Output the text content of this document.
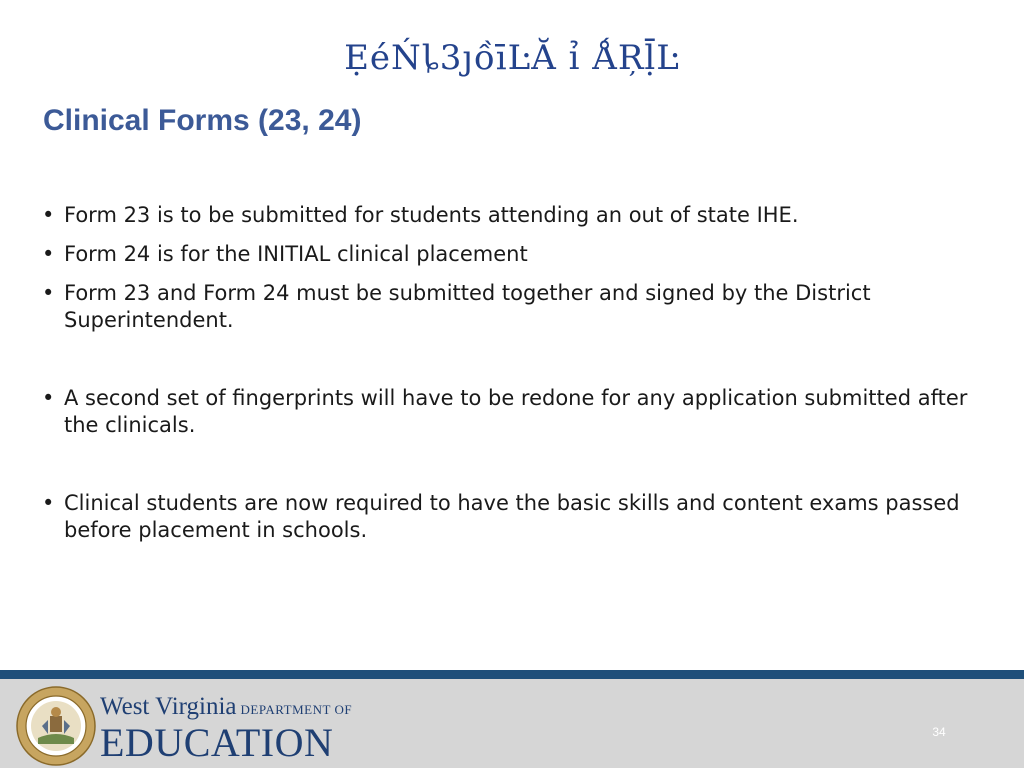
ẸéŃȴ3ȷồīĿĂ ỉ ǺŖḹĿ
Clinical Forms (23, 24)
• Form 23 is to be submitted for students attending an out of state IHE.
• Form 24 is for the INITIAL clinical placement
• Form 23 and Form 24 must be submitted together and signed by the District Superintendent.
• A second set of fingerprints will have to be redone for any application submitted after the clinicals.
• Clinical students are now required to have the basic skills and content exams passed before placement in schools.
West Virginia DEPARTMENT OF
EDUCATION	34
